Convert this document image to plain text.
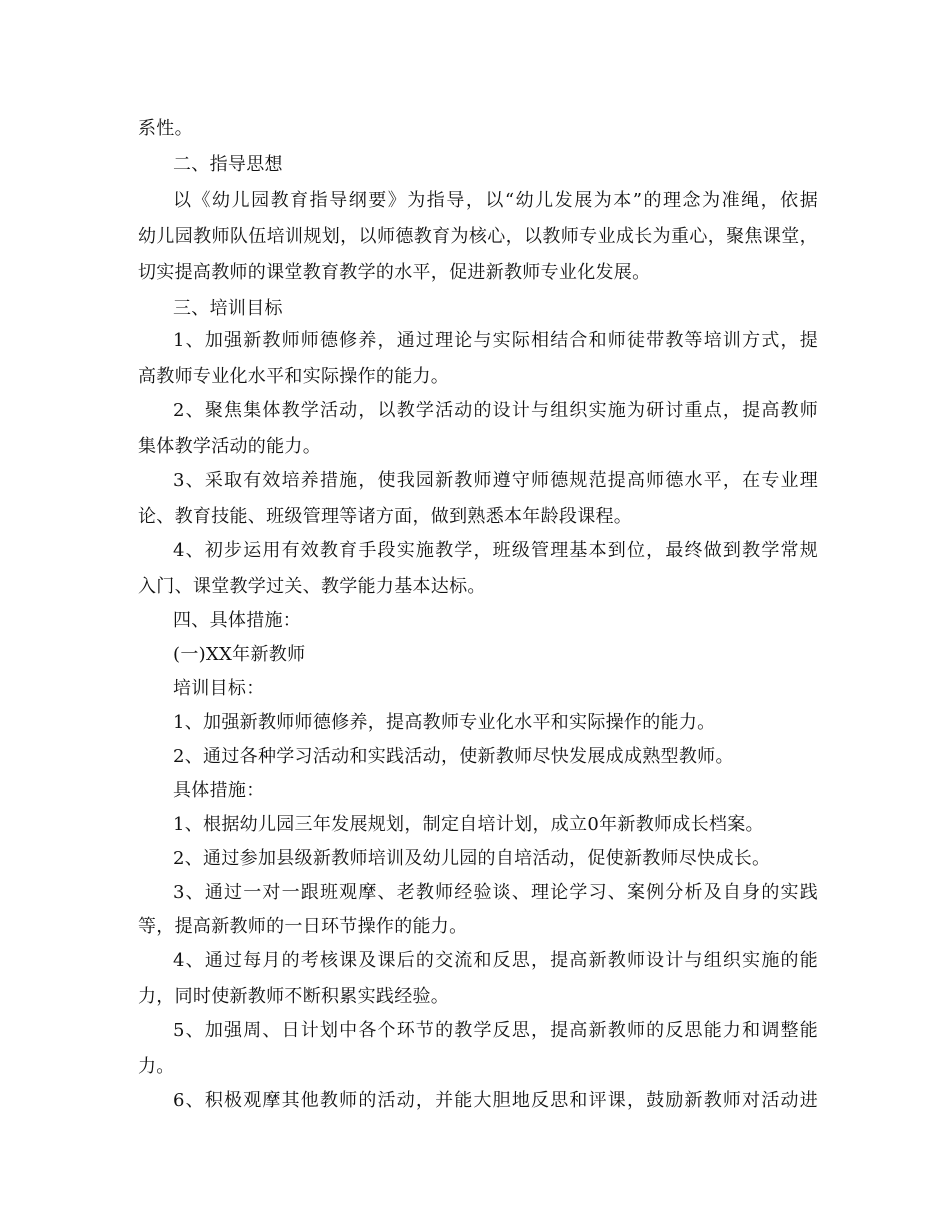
系性。
二、指导思想
以《幼儿园教育指导纲要》为指导，以“幼儿发展为本”的理念为准绳，依据
幼儿园教师队伍培训规划，以师德教育为核心，以教师专业成长为重心，聚焦课堂，
切实提高教师的课堂教育教学的水平，促进新教师专业化发展。
三、培训目标
1、加强新教师师德修养，通过理论与实际相结合和师徒带教等培训方式，提
高教师专业化水平和实际操作的能力。
2、聚焦集体教学活动，以教学活动的设计与组织实施为研讨重点，提高教师
集体教学活动的能力。
3、采取有效培养措施，使我园新教师遵守师德规范提高师德水平，在专业理
论、教育技能、班级管理等诸方面，做到熟悉本年龄段课程。
4、初步运用有效教育手段实施教学，班级管理基本到位，最终做到教学常规
入门、课堂教学过关、教学能力基本达标。
四、具体措施：
(一)XX年新教师
培训目标：
1、加强新教师师德修养，提高教师专业化水平和实际操作的能力。
2、通过各种学习活动和实践活动，使新教师尽快发展成成熟型教师。
具体措施：
1、根据幼儿园三年发展规划，制定自培计划，成立0年新教师成长档案。
2、通过参加县级新教师培训及幼儿园的自培活动，促使新教师尽快成长。
3、通过一对一跟班观摩、老教师经验谈、理论学习、案例分析及自身的实践
等，提高新教师的一日环节操作的能力。
4、通过每月的考核课及课后的交流和反思，提高新教师设计与组织实施的能
力，同时使新教师不断积累实践经验。
5、加强周、日计划中各个环节的教学反思，提高新教师的反思能力和调整能
力。
6、积极观摩其他教师的活动，并能大胆地反思和评课，鼓励新教师对活动进
